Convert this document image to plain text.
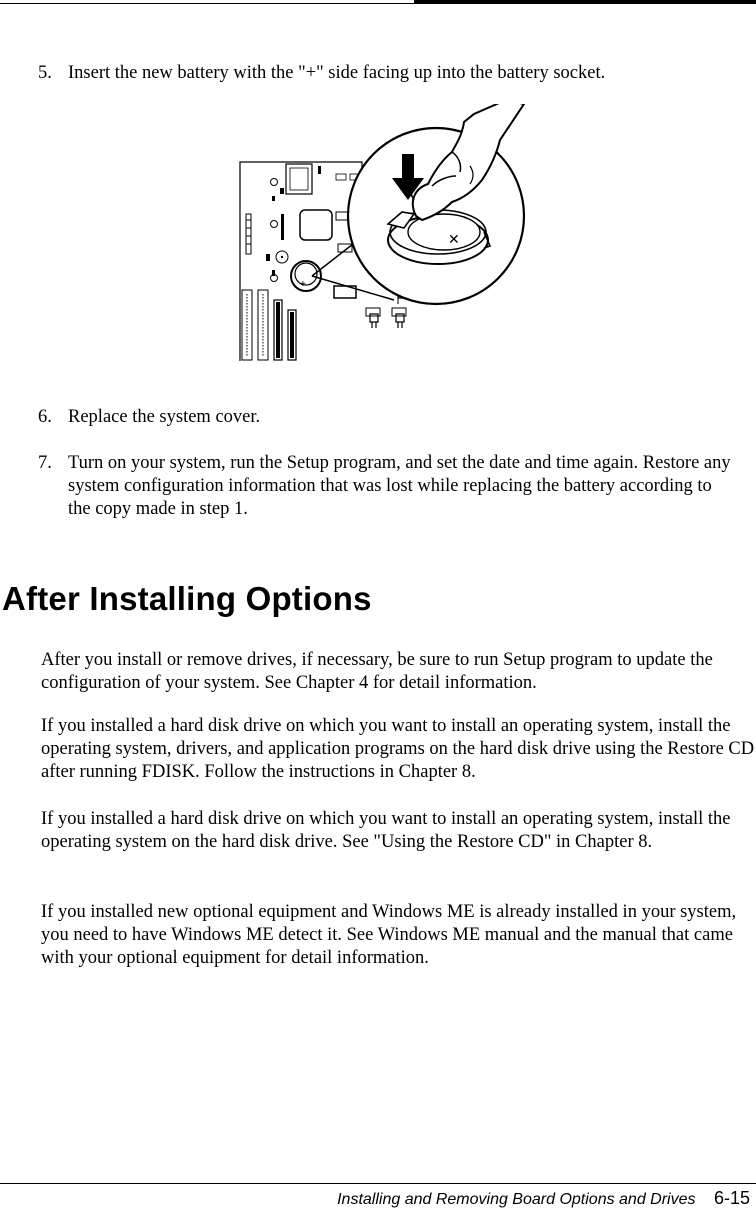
5. Insert the new battery with the "+" side facing up into the battery socket.
+
✕
6. Replace the system cover.
7. Turn on your system, run the Setup program, and set the date and time again. Restore any system configuration information that was lost while replacing the battery according to the copy made in step 1.
After Installing Options

After you install or remove drives, if necessary, be sure to run Setup program to update the configuration of your system. See Chapter 4 for detail information.

If you installed a hard disk drive on which you want to install an operating system, install the operating system, drivers, and application programs on the hard disk drive using the Restore CD after running FDISK. Follow the instructions in Chapter 8.

If you installed a hard disk drive on which you want to install an operating system, install the operating system on the hard disk drive. See "Using the Restore CD" in Chapter 8.

If you installed new optional equipment and Windows ME is already installed in your system, you need to have Windows ME detect it. See Windows ME manual and the manual that came with your optional equipment for detail information.

Installing and Removing Board Options and Drives 6-15
